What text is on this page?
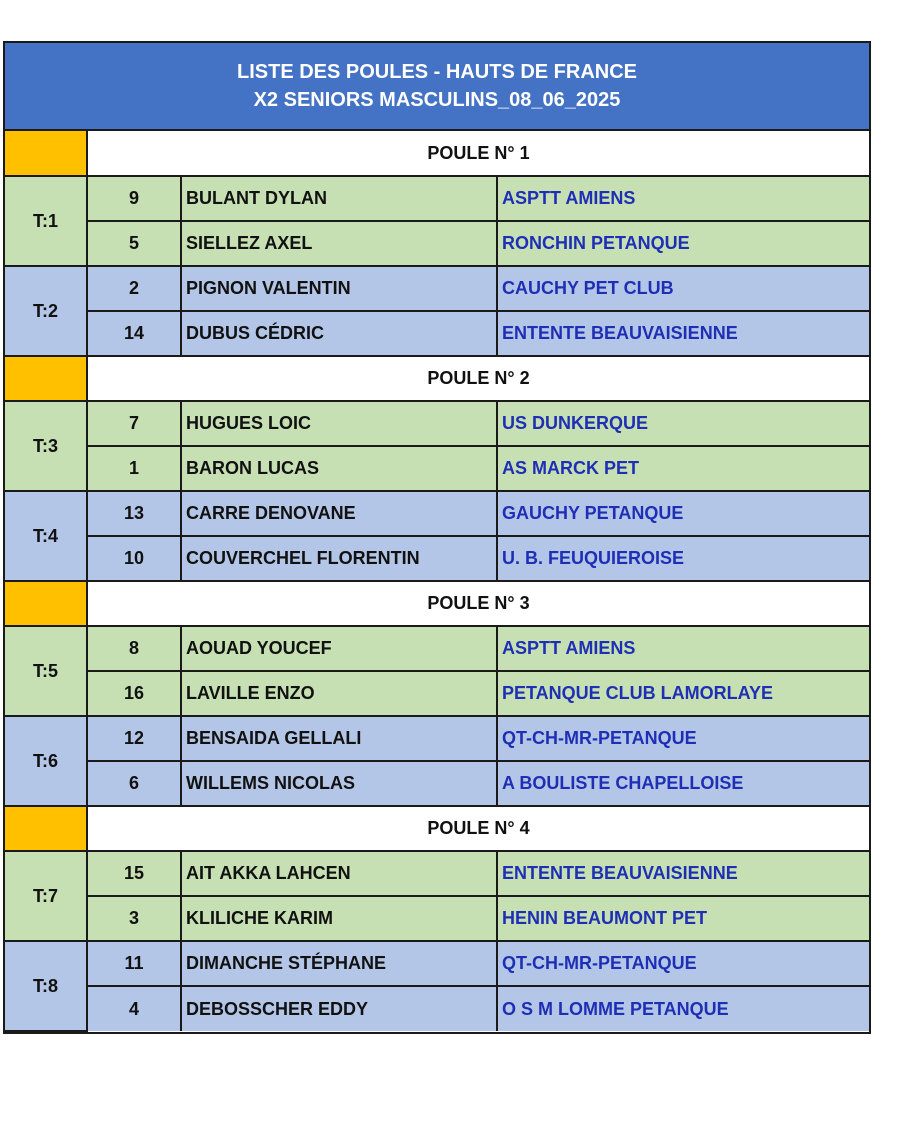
LISTE DES POULES - HAUTS DE FRANCE
X2 SENIORS MASCULINS_08_06_2025
	POULE N° 1		
T:1	9	BULANT DYLAN	ASPTT AMIENS
	5	SIELLEZ AXEL	RONCHIN PETANQUE
T:2	2	PIGNON VALENTIN	CAUCHY PET CLUB
	14	DUBUS CÉDRIC	ENTENTE BEAUVAISIENNE
	POULE N° 2		
T:3	7	HUGUES LOIC	US DUNKERQUE
	1	BARON LUCAS	AS MARCK PET
T:4	13	CARRE DENOVANE	GAUCHY PETANQUE
	10	COUVERCHEL FLORENTIN	U. B. FEUQUIEROISE
	POULE N° 3		
T:5	8	AOUAD YOUCEF	ASPTT AMIENS
	16	LAVILLE ENZO	PETANQUE CLUB LAMORLAYE
T:6	12	BENSAIDA GELLALI	QT-CH-MR-PETANQUE
	6	WILLEMS NICOLAS	A BOULISTE CHAPELLOISE
	POULE N° 4		
T:7	15	AIT AKKA LAHCEN	ENTENTE BEAUVAISIENNE
	3	KLILICHE KARIM	HENIN BEAUMONT PET
T:8	11	DIMANCHE STÉPHANE	QT-CH-MR-PETANQUE
	4	DEBOSSCHER EDDY	O S M LOMME PETANQUE
